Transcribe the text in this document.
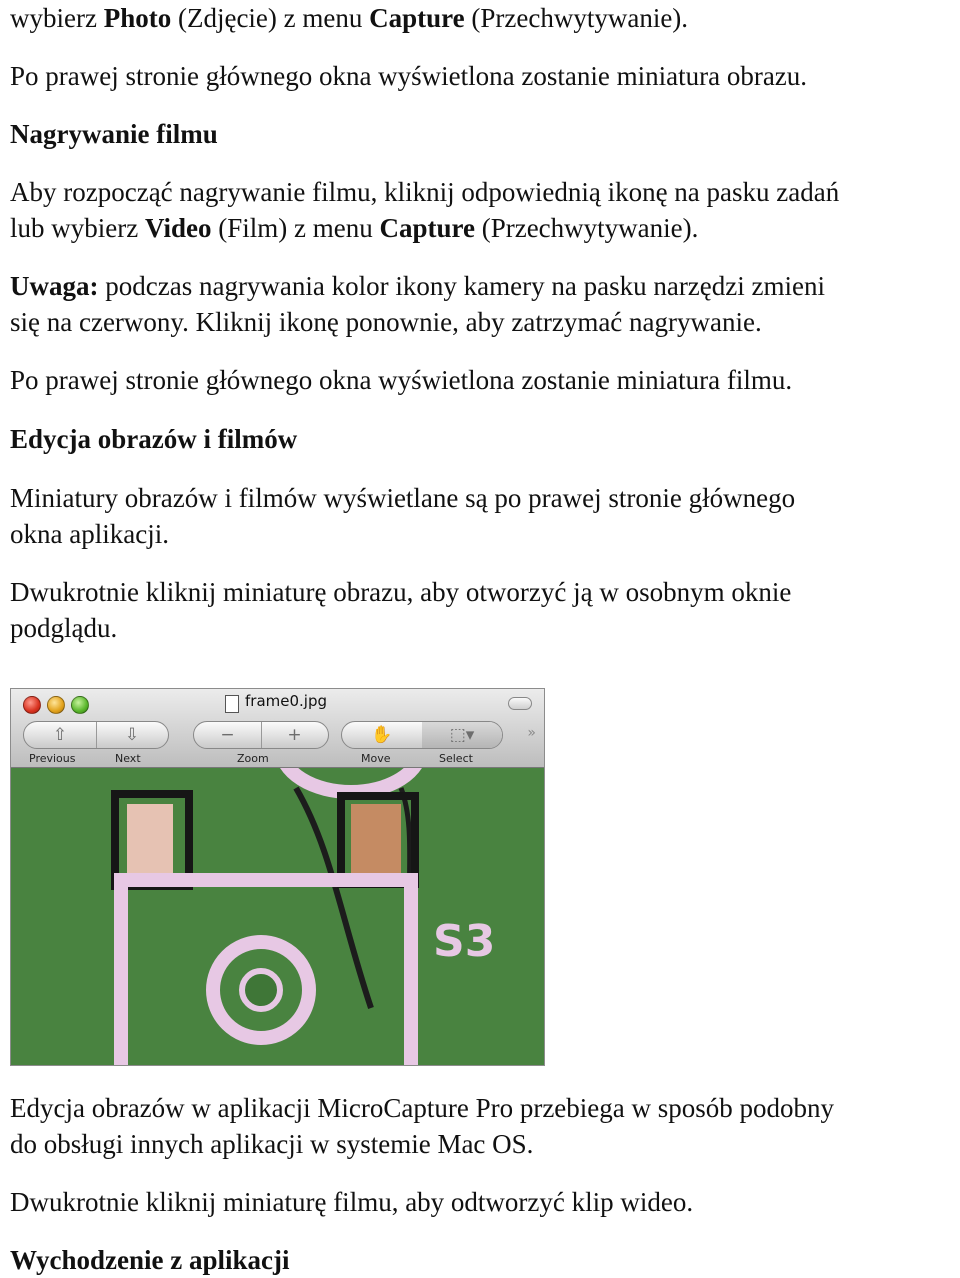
wybierz Photo (Zdjęcie) z menu Capture (Przechwytywanie).
Po prawej stronie głównego okna wyświetlona zostanie miniatura obrazu.
Nagrywanie filmu
Aby rozpocząć nagrywanie filmu, kliknij odpowiednią ikonę na pasku zadań
lub wybierz Video (Film) z menu Capture (Przechwytywanie).
Uwaga: podczas nagrywania kolor ikony kamery na pasku narzędzi zmieni
się na czerwony. Kliknij ikonę ponownie, aby zatrzymać nagrywanie.
Po prawej stronie głównego okna wyświetlona zostanie miniatura filmu.
Edycja obrazów i filmów
Miniatury obrazów i filmów wyświetlane są po prawej stronie głównego
okna aplikacji.
Dwukrotnie kliknij miniaturę obrazu, aby otworzyć ją w osobnym oknie
podglądu.
Edycja obrazów w aplikacji MicroCapture Pro przebiega w sposób podobny
do obsługi innych aplikacji w systemie Mac OS.
Dwukrotnie kliknij miniaturę filmu, aby odtworzyć klip wideo.
Wychodzenie z aplikacji
frame0.jpg
⇧	⇩	−	+	✋	⬚▾	»
Previous	Next	Zoom	Move	Select
S3
